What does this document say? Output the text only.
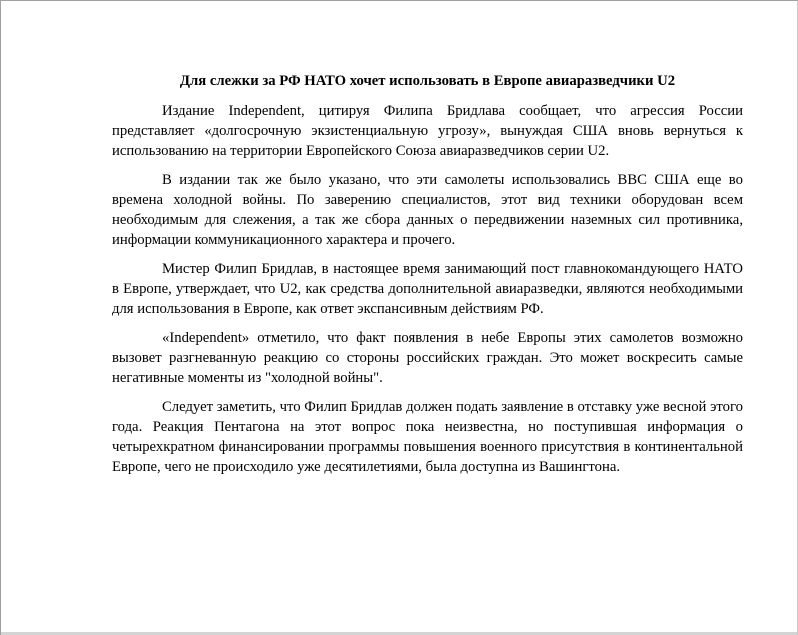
Для слежки за РФ НАТО хочет использовать в Европе авиаразведчики U2

Издание Independent, цитируя Филипа Бридлава сообщает, что агрессия России представляет «долгосрочную экзистенциальную угрозу», вынуждая США вновь вернуться к использованию на территории Европейского Союза авиаразведчиков серии U2.

В издании так же было указано, что эти самолеты использовались ВВС США еще во времена холодной войны. По заверению специалистов, этот вид техники оборудован всем необходимым для слежения, а так же сбора данных о передвижении наземных сил противника, информации коммуникационного характера и прочего.

Мистер Филип Бридлав, в настоящее время занимающий пост главнокомандующего НАТО в Европе, утверждает, что U2, как средства дополнительной авиаразведки, являются необходимыми для использования в Европе, как ответ экспансивным действиям РФ.

«Independent» отметило, что факт появления в небе Европы этих самолетов возможно вызовет разгневанную реакцию со стороны российских граждан. Это может воскресить самые негативные моменты из "холодной войны".

Следует заметить, что Филип Бридлав должен подать заявление в отставку уже весной этого года. Реакция Пентагона на этот вопрос пока неизвестна, но поступившая информация о четырехкратном финансировании программы повышения военного присутствия в континентальной Европе, чего не происходило уже десятилетиями, была доступна из Вашингтона.
